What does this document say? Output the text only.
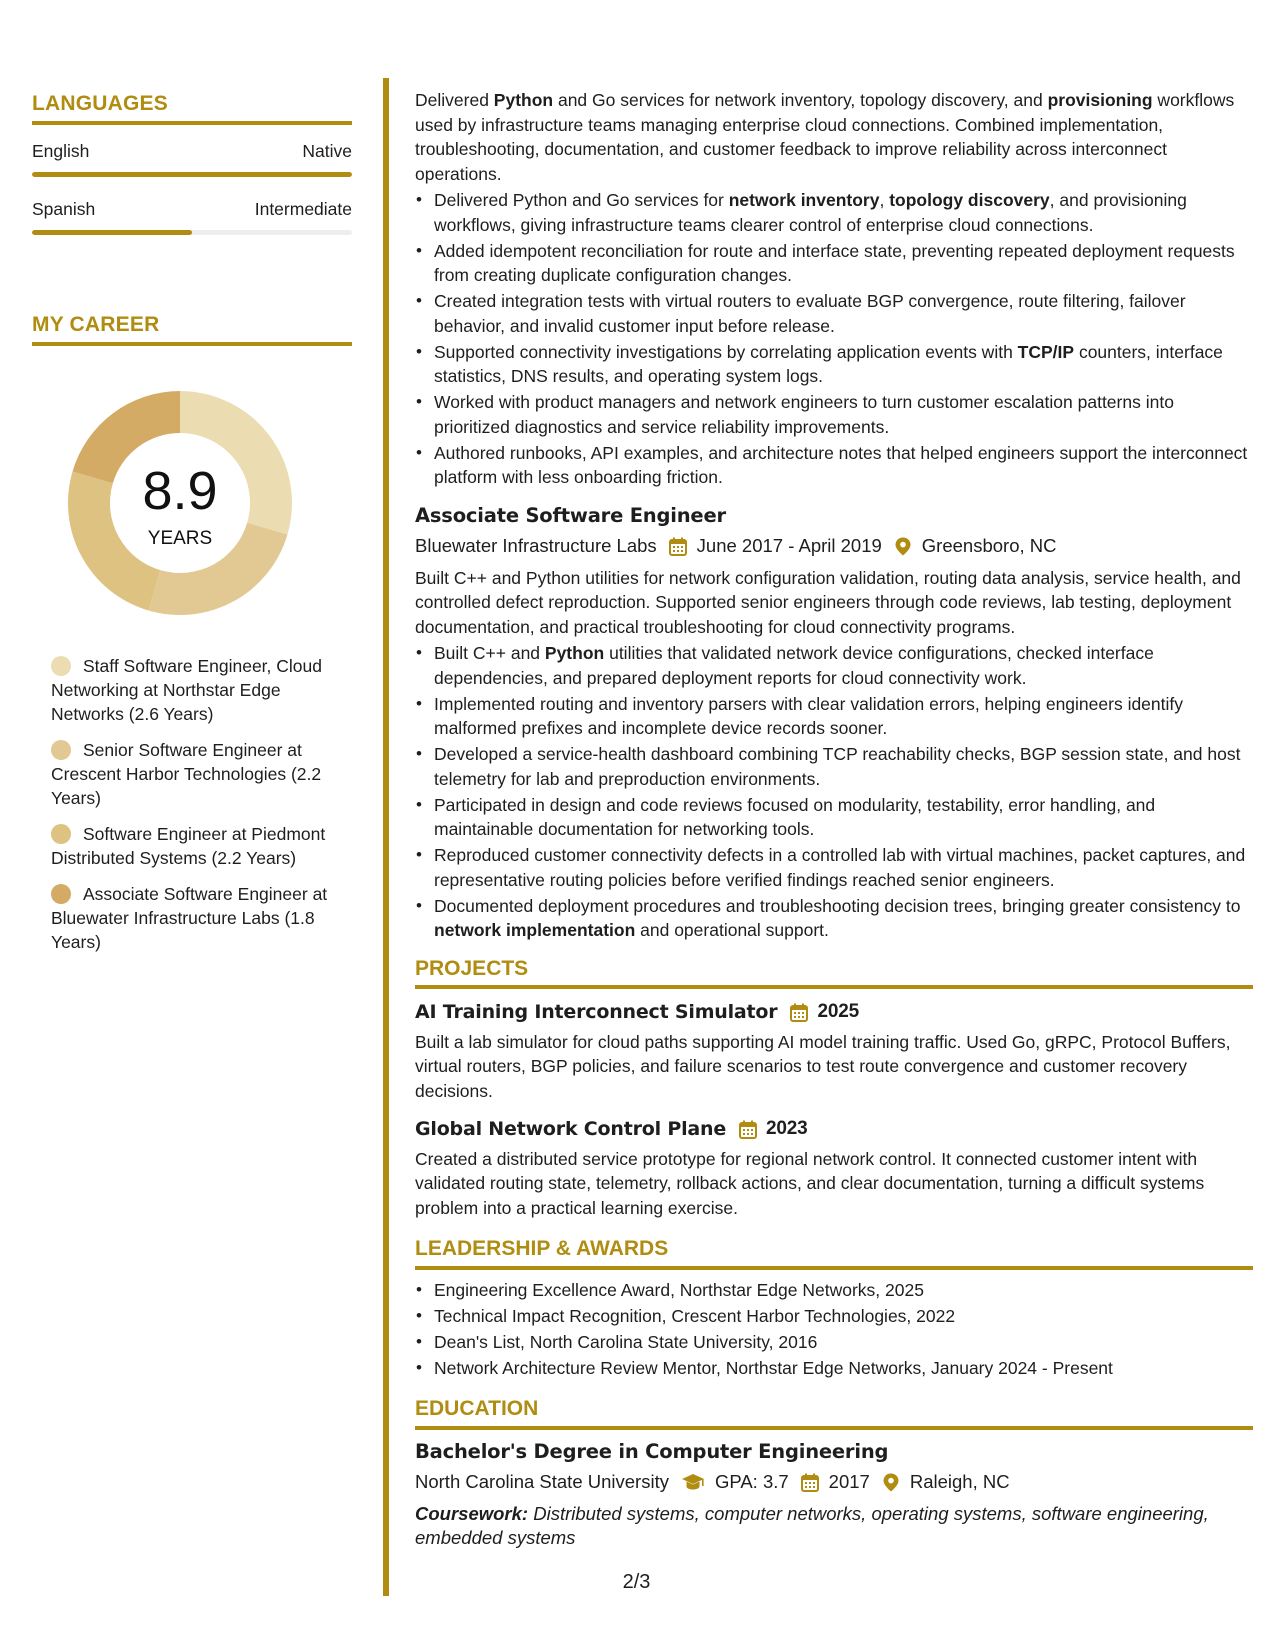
LANGUAGES
English	Native
Spanish	Intermediate
MY CAREER
8.9
YEARS
Staff Software Engineer, Cloud Networking at Northstar Edge Networks (2.6 Years)
Senior Software Engineer at Crescent Harbor Technologies (2.2 Years)
Software Engineer at Piedmont Distributed Systems (2.2 Years)
Associate Software Engineer at Bluewater Infrastructure Labs (1.8 Years)
Delivered Python and Go services for network inventory, topology discovery, and provisioning workflows used by infrastructure teams managing enterprise cloud connections. Combined implementation, troubleshooting, documentation, and customer feedback to improve reliability across interconnect operations.
• Delivered Python and Go services for network inventory, topology discovery, and provisioning workflows, giving infrastructure teams clearer control of enterprise cloud connections.
• Added idempotent reconciliation for route and interface state, preventing repeated deployment requests from creating duplicate configuration changes.
• Created integration tests with virtual routers to evaluate BGP convergence, route filtering, failover behavior, and invalid customer input before release.
• Supported connectivity investigations by correlating application events with TCP/IP counters, interface statistics, DNS results, and operating system logs.
• Worked with product managers and network engineers to turn customer escalation patterns into prioritized diagnostics and service reliability improvements.
• Authored runbooks, API examples, and architecture notes that helped engineers support the interconnect platform with less onboarding friction.
Associate Software Engineer
Bluewater Infrastructure Labs June 2017 - April 2019 Greensboro, NC
Built C++ and Python utilities for network configuration validation, routing data analysis, service health, and controlled defect reproduction. Supported senior engineers through code reviews, lab testing, deployment documentation, and practical troubleshooting for cloud connectivity programs.
• Built C++ and Python utilities that validated network device configurations, checked interface dependencies, and prepared deployment reports for cloud connectivity work.
• Implemented routing and inventory parsers with clear validation errors, helping engineers identify malformed prefixes and incomplete device records sooner.
• Developed a service-health dashboard combining TCP reachability checks, BGP session state, and host telemetry for lab and preproduction environments.
• Participated in design and code reviews focused on modularity, testability, error handling, and maintainable documentation for networking tools.
• Reproduced customer connectivity defects in a controlled lab with virtual machines, packet captures, and representative routing policies before verified findings reached senior engineers.
• Documented deployment procedures and troubleshooting decision trees, bringing greater consistency to network implementation and operational support.
PROJECTS
AI Training Interconnect Simulator 2025
Built a lab simulator for cloud paths supporting AI model training traffic. Used Go, gRPC, Protocol Buffers, virtual routers, BGP policies, and failure scenarios to test route convergence and customer recovery decisions.
Global Network Control Plane 2023
Created a distributed service prototype for regional network control. It connected customer intent with validated routing state, telemetry, rollback actions, and clear documentation, turning a difficult systems problem into a practical learning exercise.
LEADERSHIP & AWARDS
• Engineering Excellence Award, Northstar Edge Networks, 2025
• Technical Impact Recognition, Crescent Harbor Technologies, 2022
• Dean's List, North Carolina State University, 2016
• Network Architecture Review Mentor, Northstar Edge Networks, January 2024 - Present
EDUCATION
Bachelor's Degree in Computer Engineering
North Carolina State University GPA: 3.7 2017 Raleigh, NC
Coursework: Distributed systems, computer networks, operating systems, software engineering, embedded systems
2/3
